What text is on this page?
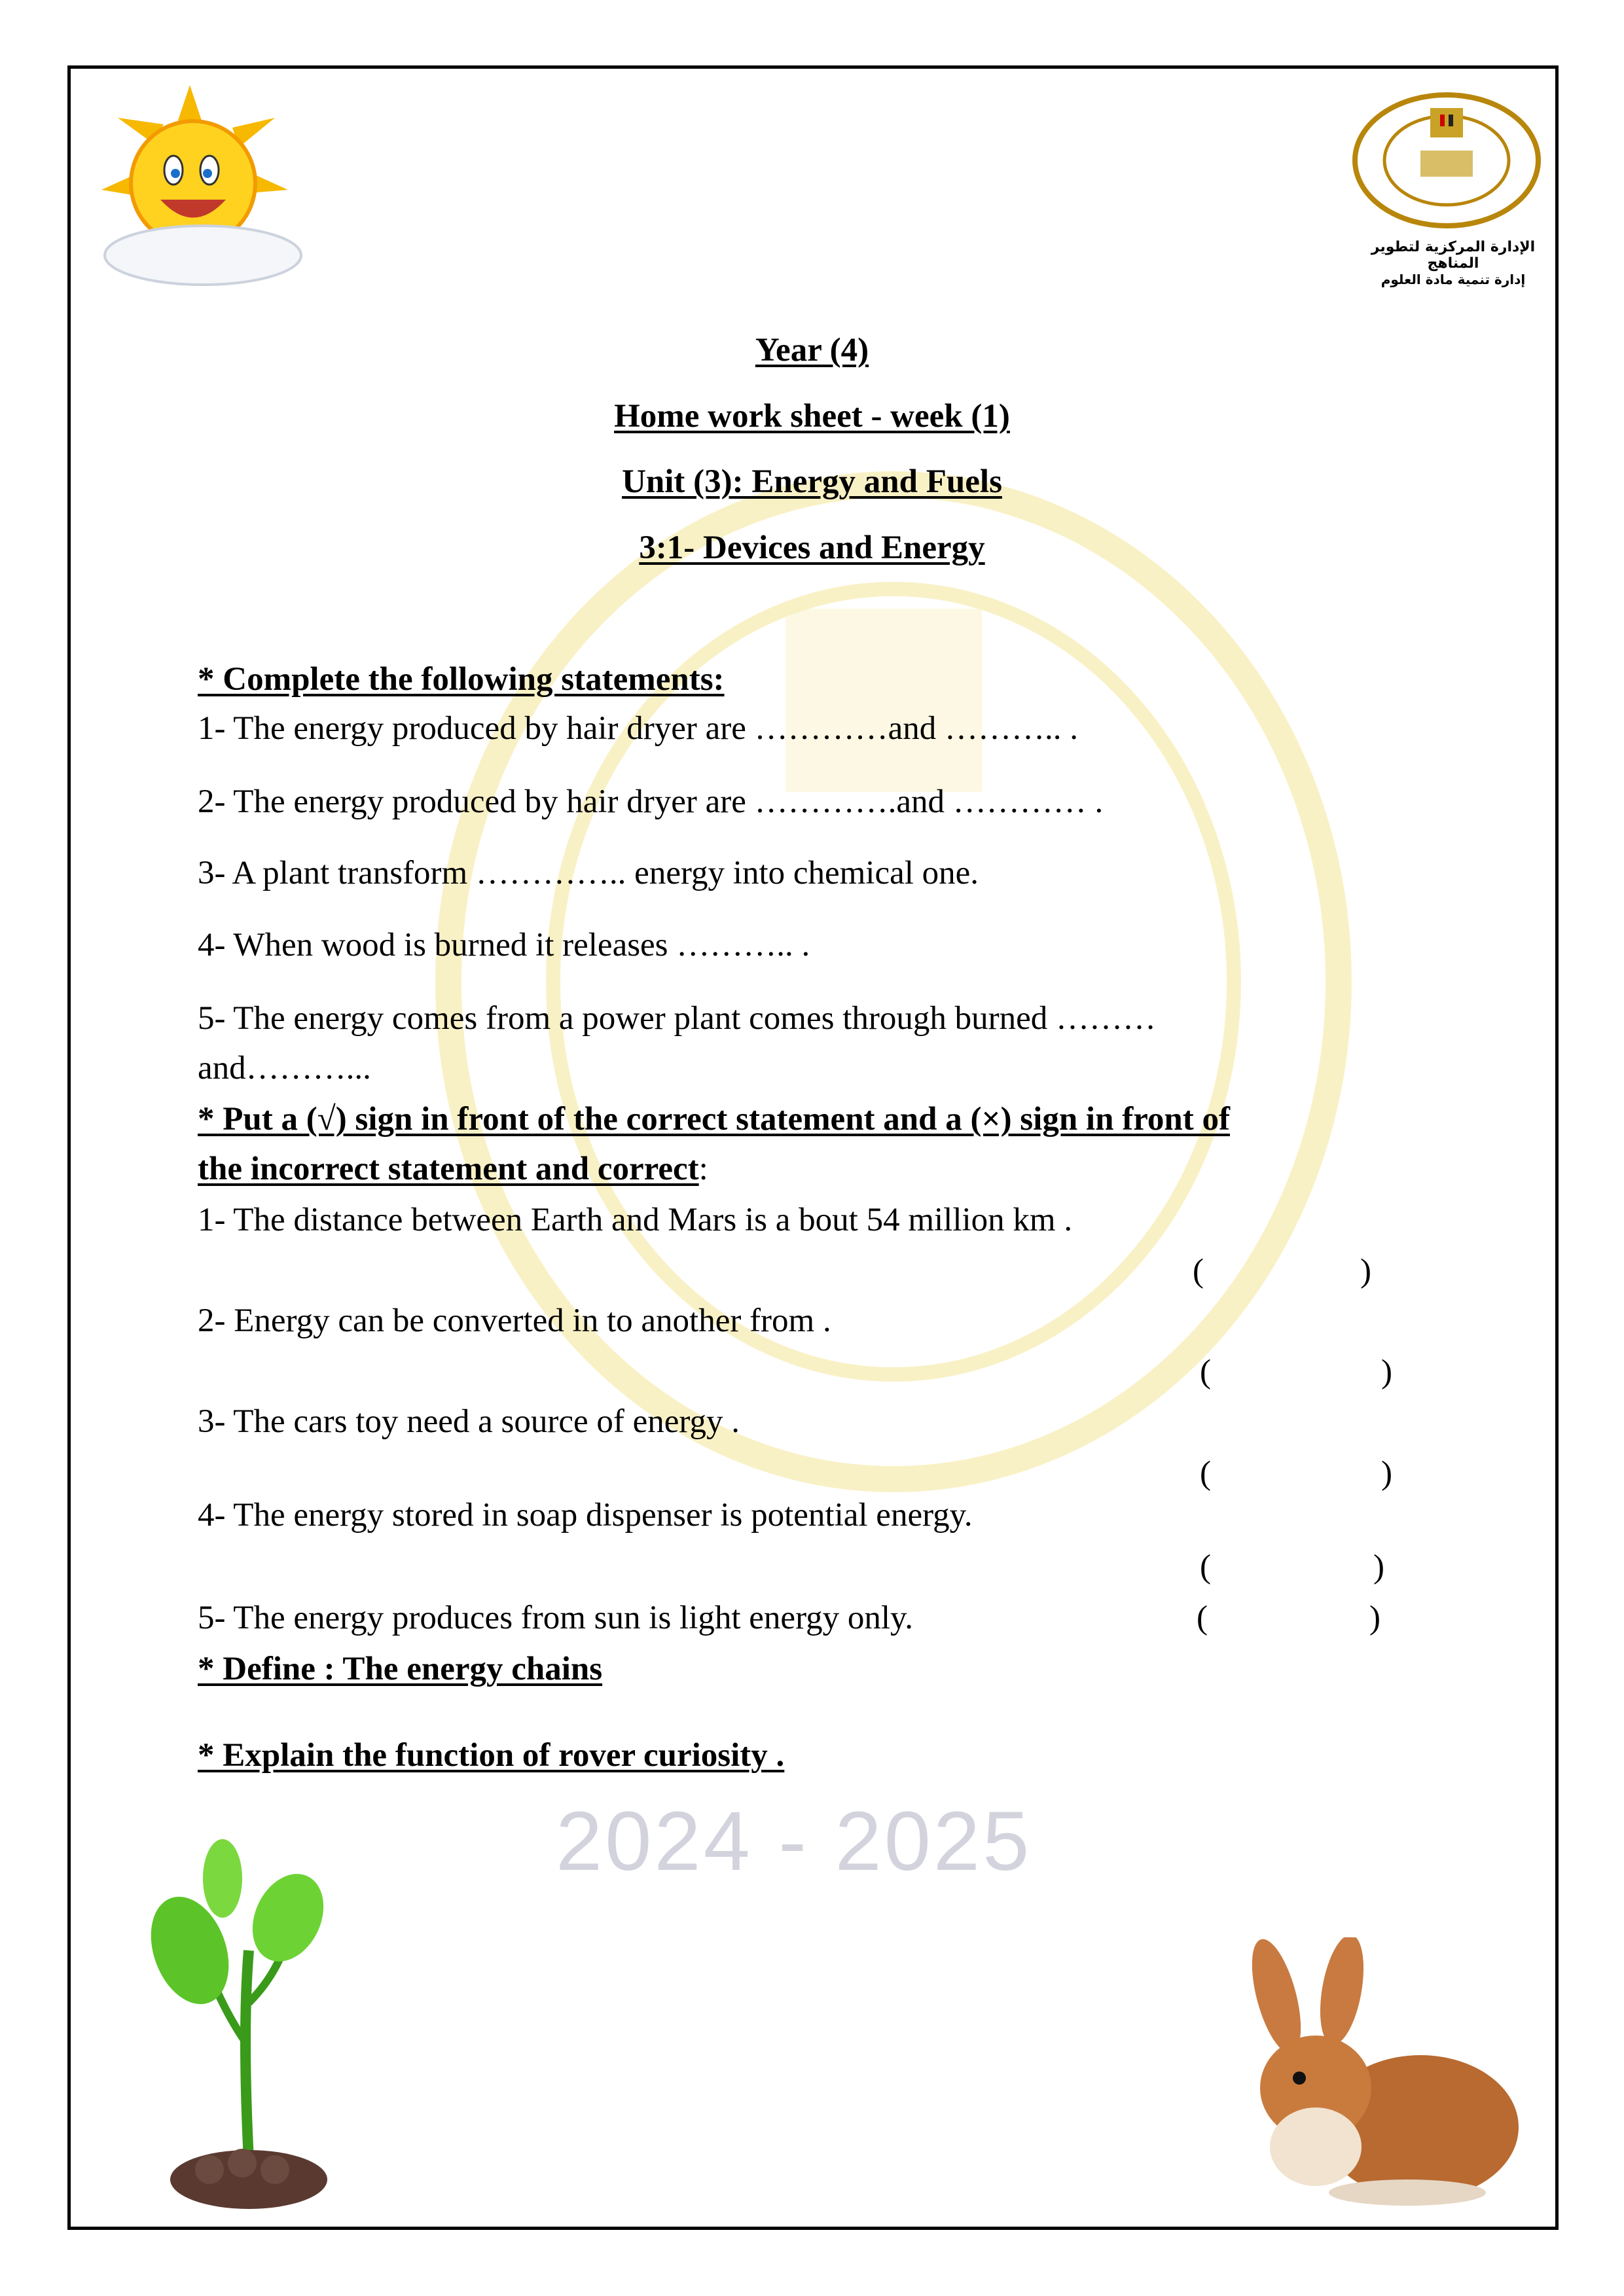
2024 - 2025
الإدارة المركزية لتطوير المناهج
إدارة تنمية مادة العلوم
Year (4)
Home work sheet - week (1)
Unit (3): Energy and Fuels
3:1- Devices and Energy
* Complete the following statements:
1- The energy produced by hair dryer are …………and ……….. .
2- The energy produced by hair dryer are ………….and ………… .
3- A plant transform ………….. energy into chemical one.
4- When wood is burned it releases ……….. .
5- The energy comes from a power plant comes through burned ………
and………...
* Put a (√) sign in front of the correct statement and a (×) sign in front of
the incorrect statement and correct:
1- The distance between Earth and Mars is a bout 54 million km .
(	)
2- Energy can be converted in to another from .
(	)
3- The cars toy need a source of energy .
(	)
4- The energy stored in soap dispenser is potential energy.
(	)
5- The energy produces from sun is light energy only.	(	)
* Define : The energy chains
* Explain the function of rover curiosity .
